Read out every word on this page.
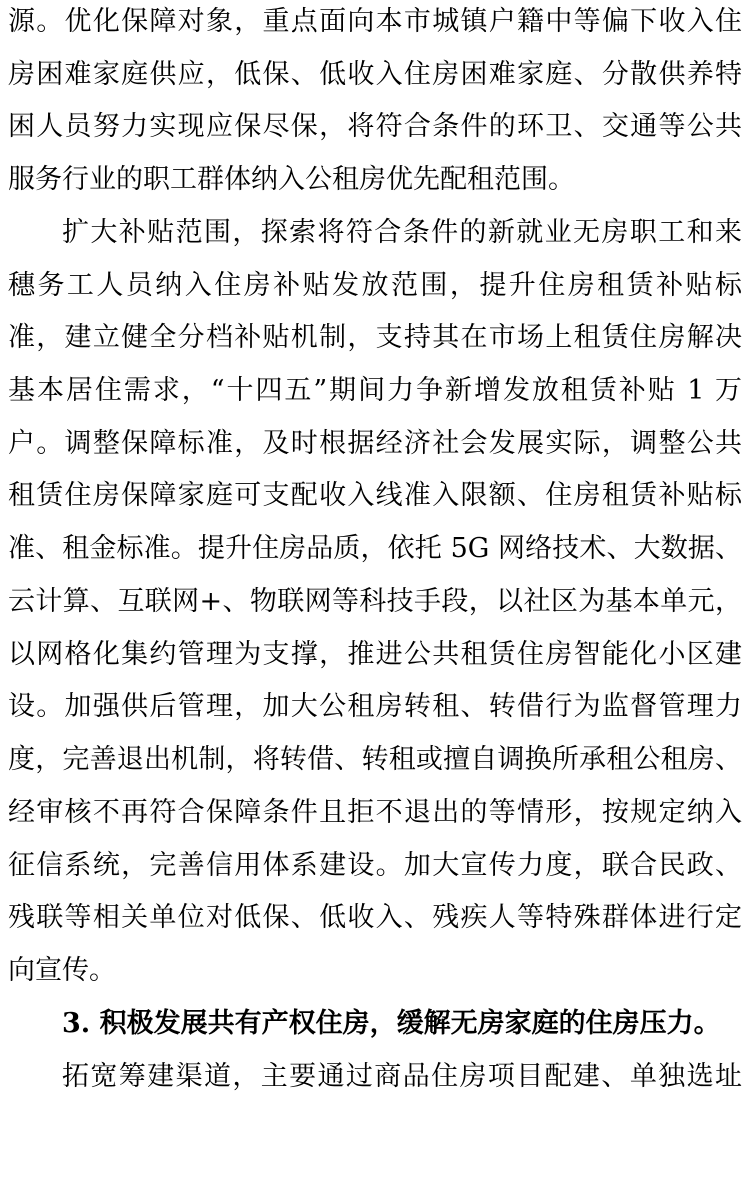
源。优化保障对象，重点面向本市城镇户籍中等偏下收入住
房困难家庭供应，低保、低收入住房困难家庭、分散供养特
困人员努力实现应保尽保，将符合条件的环卫、交通等公共
服务行业的职工群体纳入公租房优先配租范围。
扩大补贴范围，探索将符合条件的新就业无房职工和来
穗务工人员纳入住房补贴发放范围，提升住房租赁补贴标
准，建立健全分档补贴机制，支持其在市场上租赁住房解决
基本居住需求，“十四五”期间力争新增发放租赁补贴 1 万
户。调整保障标准，及时根据经济社会发展实际，调整公共
租赁住房保障家庭可支配收入线准入限额、住房租赁补贴标
准、租金标准。提升住房品质，依托 5G 网络技术、大数据、
云计算、互联网+、物联网等科技手段，以社区为基本单元，
以网格化集约管理为支撑，推进公共租赁住房智能化小区建
设。加强供后管理，加大公租房转租、转借行为监督管理力
度，完善退出机制，将转借、转租或擅自调换所承租公租房、
经审核不再符合保障条件且拒不退出的等情形，按规定纳入
征信系统，完善信用体系建设。加大宣传力度，联合民政、
残联等相关单位对低保、低收入、残疾人等特殊群体进行定
向宣传。
3. 积极发展共有产权住房，缓解无房家庭的住房压力。
拓宽筹建渠道，主要通过商品住房项目配建、单独选址
